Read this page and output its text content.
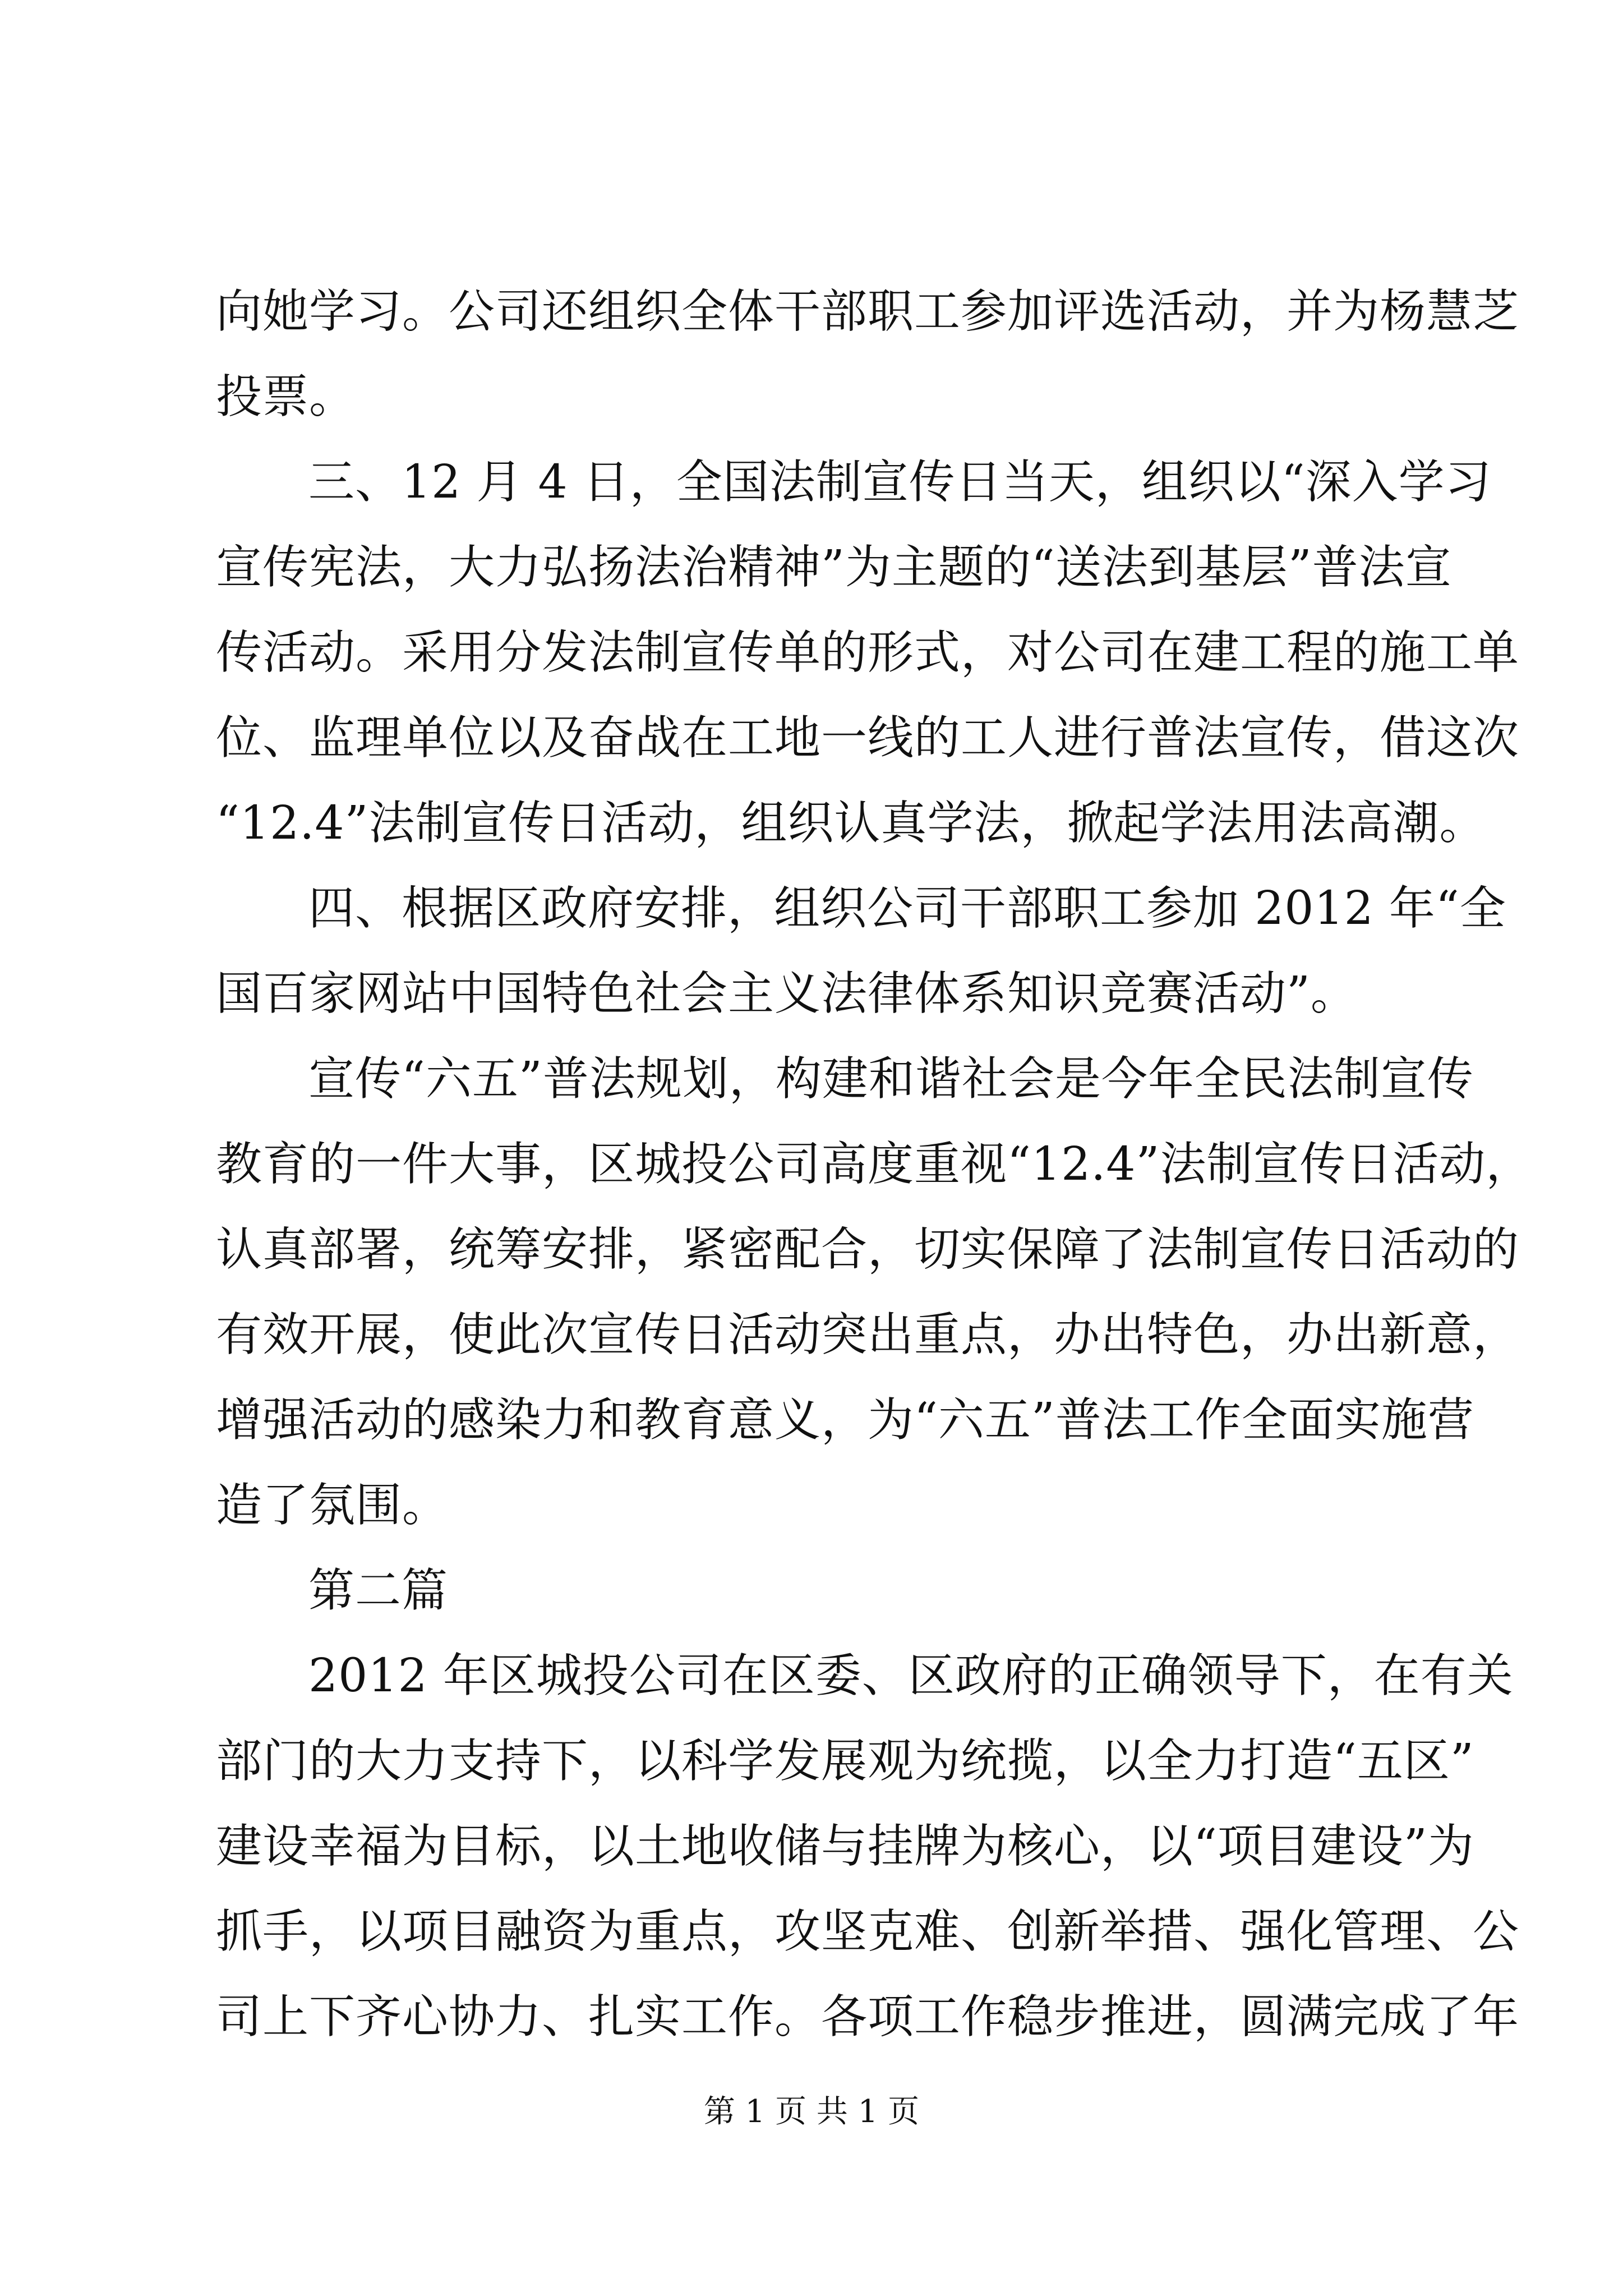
向她学习。公司还组织全体干部职工参加评选活动，并为杨慧芝
投票。
三、12 月 4 日，全国法制宣传日当天，组织以“深入学习
宣传宪法，大力弘扬法治精神”为主题的“送法到基层”普法宣
传活动。采用分发法制宣传单的形式，对公司在建工程的施工单
位、监理单位以及奋战在工地一线的工人进行普法宣传，借这次
“12.4”法制宣传日活动，组织认真学法，掀起学法用法高潮。
四、根据区政府安排，组织公司干部职工参加 2012 年“全
国百家网站中国特色社会主义法律体系知识竞赛活动”。
宣传“六五”普法规划，构建和谐社会是今年全民法制宣传
教育的一件大事，区城投公司高度重视“12.4”法制宣传日活动，
认真部署，统筹安排，紧密配合，切实保障了法制宣传日活动的
有效开展，使此次宣传日活动突出重点，办出特色，办出新意，
增强活动的感染力和教育意义，为“六五”普法工作全面实施营
造了氛围。
第二篇
2012 年区城投公司在区委、区政府的正确领导下，在有关
部门的大力支持下，以科学发展观为统揽，以全力打造“五区”
建设幸福为目标，以土地收储与挂牌为核心，以“项目建设”为
抓手，以项目融资为重点，攻坚克难、创新举措、强化管理、公
司上下齐心协力、扎实工作。各项工作稳步推进，圆满完成了年
第 1 页 共 1 页
